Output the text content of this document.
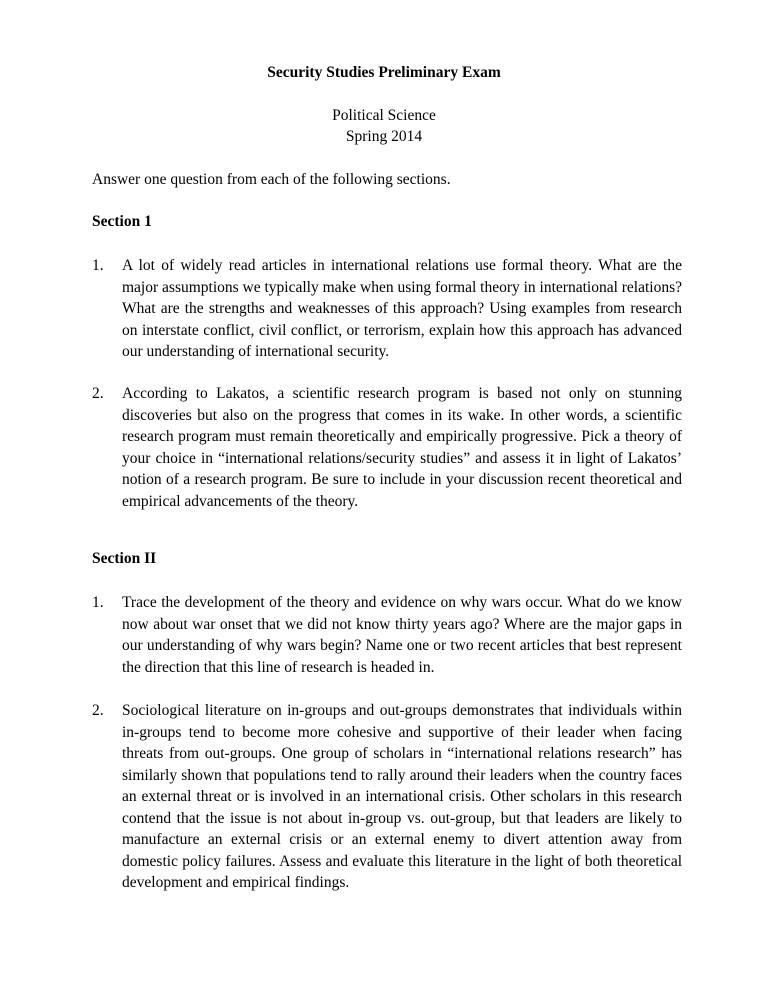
Security Studies Preliminary Exam
Political Science
Spring 2014
Answer one question from each of the following sections.
Section 1
1.	A lot of widely read articles in international relations use formal theory. What are the major assumptions we typically make when using formal theory in international relations? What are the strengths and weaknesses of this approach? Using examples from research on interstate conflict, civil conflict, or terrorism, explain how this approach has advanced our understanding of international security.
2.	According to Lakatos, a scientific research program is based not only on stunning discoveries but also on the progress that comes in its wake. In other words, a scientific research program must remain theoretically and empirically progressive. Pick a theory of your choice in “international relations/security studies” and assess it in light of Lakatos’ notion of a research program. Be sure to include in your discussion recent theoretical and empirical advancements of the theory.
Section II
1.	Trace the development of the theory and evidence on why wars occur. What do we know now about war onset that we did not know thirty years ago? Where are the major gaps in our understanding of why wars begin? Name one or two recent articles that best represent the direction that this line of research is headed in.
2.	Sociological literature on in-groups and out-groups demonstrates that individuals within in-groups tend to become more cohesive and supportive of their leader when facing threats from out-groups. One group of scholars in “international relations research” has similarly shown that populations tend to rally around their leaders when the country faces an external threat or is involved in an international crisis. Other scholars in this research contend that the issue is not about in-group vs. out-group, but that leaders are likely to manufacture an external crisis or an external enemy to divert attention away from domestic policy failures. Assess and evaluate this literature in the light of both theoretical development and empirical findings.
